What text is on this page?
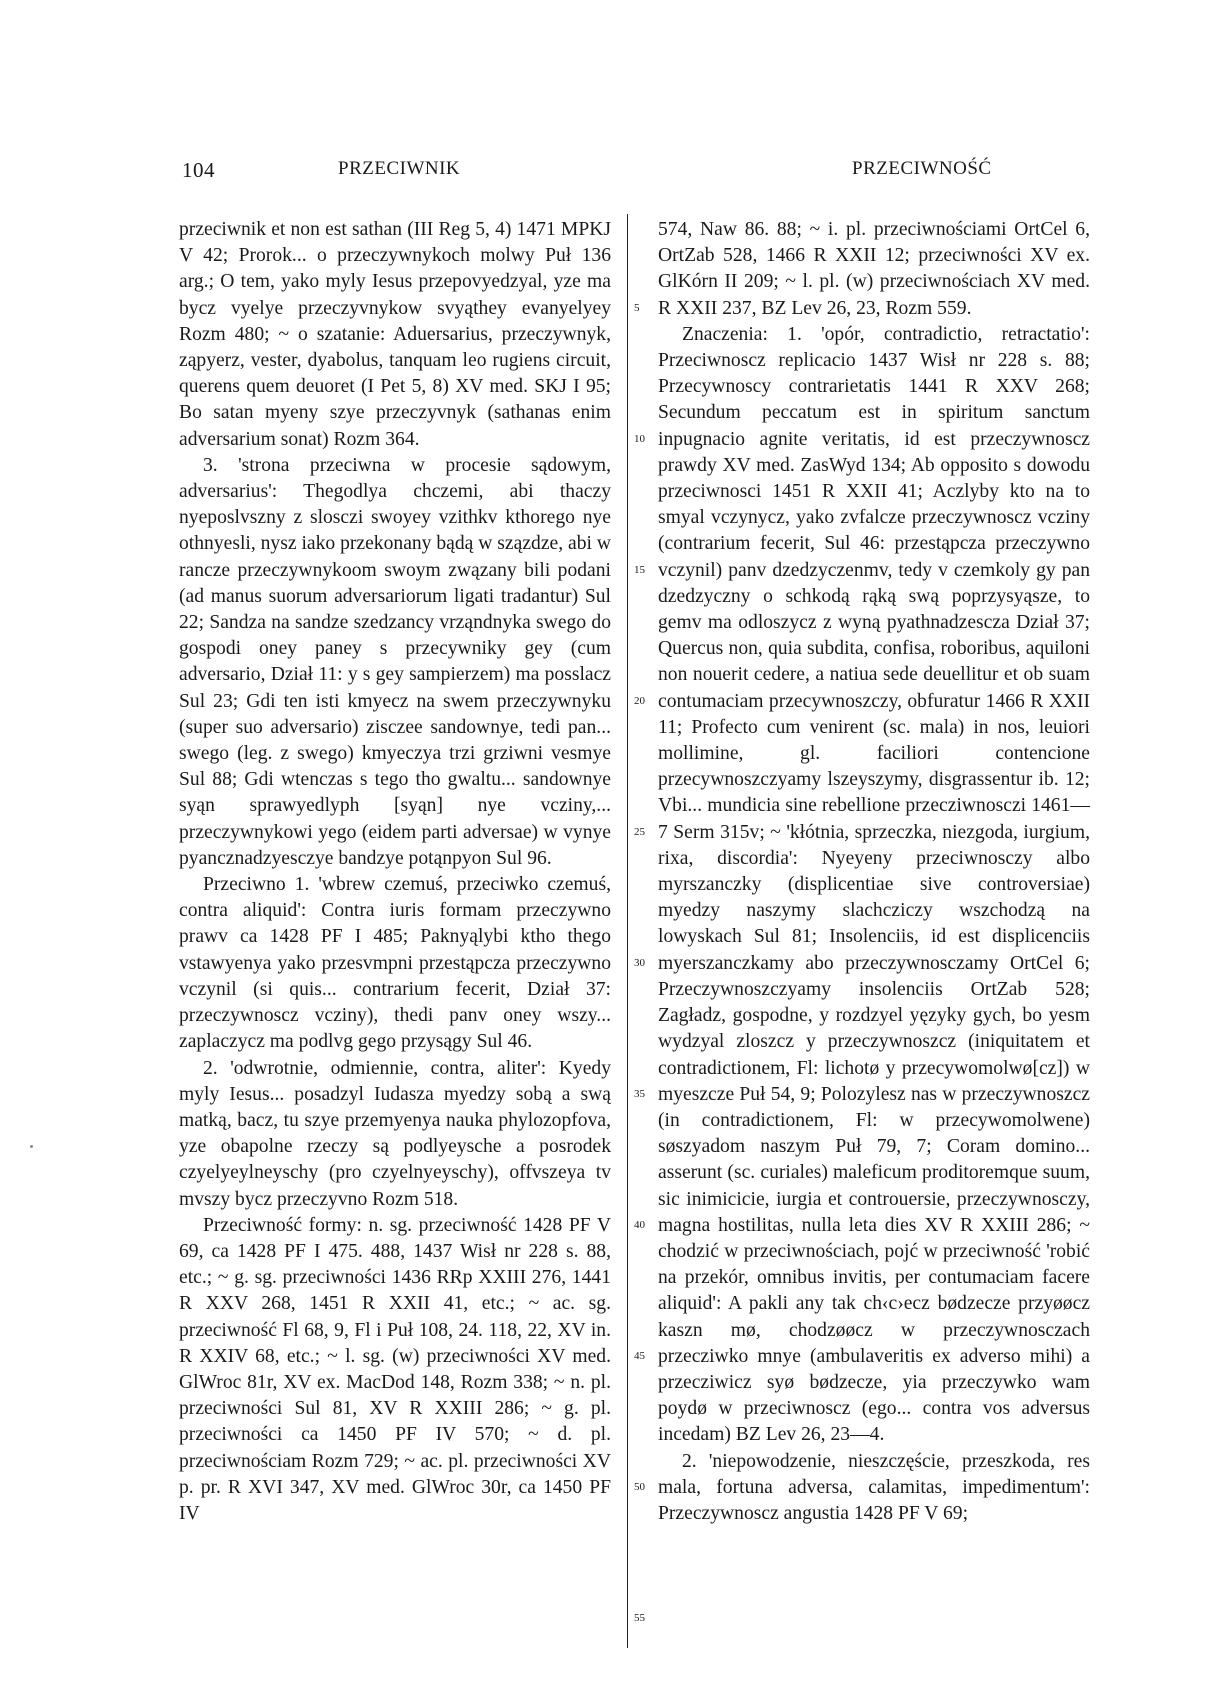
104	PRZECIWNIK	PRZECIWNOŚĆ

przeciwnik et non est sathan (III Reg 5, 4) 1471 MPKJ V 42; Prorok... o przeczywnykoch molwy Puł 136 arg.; O tem, yako myly Iesus przepovyedzyal, yze ma bycz vyelye przeczyvnykow svyąthey evanyelyey Rozm 480; ~ o szatanie: Aduersarius, przeczywnyk, ząpyerz, vester, dyabolus, tanquam leo rugiens circuit, querens quem deuoret (I Pet 5, 8) XV med. SKJ I 95; Bo satan myeny szye przeczyvnyk (sathanas enim adversarium sonat) Rozm 364.

3. 'strona przeciwna w procesie sądowym, adversarius': Thegodlya chczemi, abi thaczy nyeposlvszny z slosczi swoyey vzithkv kthorego nye othnyesli, nysz iako przekonany bądą w szązdze, abi w rancze przeczywnykoom swoym zwązany bili podani (ad manus suorum adversariorum ligati tradantur) Sul 22; Sandza na sandze szedzancy vrząndnyka swego do gospodi oney paney s przecywniky gey (cum adversario, Dział 11: y s gey sampierzem) ma posslacz Sul 23; Gdi ten isti kmyecz na swem przeczywnyku (super suo adversario) zisczee sandownye, tedi pan... swego (leg. z swego) kmyeczya trzi grziwni vesmye Sul 88; Gdi wtenczas s tego tho gwaltu... sandownye syąn sprawyedlyph [syąn] nye vcziny,... przeczywnykowi yego (eidem parti adversae) w vynye pyancznadzyesczye bandzye potąnpyon Sul 96.

Przeciwno 1. 'wbrew czemuś, przeciwko czemuś, contra aliquid': Contra iuris formam przeczywno prawv ca 1428 PF I 485; Paknyąlybi ktho thego vstawyenya yako przesvmpni przestąpcza przeczywno vczynil (si quis... contrarium fecerit, Dział 37: przeczywnoscz vcziny), thedi panv oney wszy... zaplaczycz ma podlvg gego przysągy Sul 46.

2. 'odwrotnie, odmiennie, contra, aliter': Kyedy myly Iesus... posadzyl Iudasza myedzy sobą a swą matką, bacz, tu szye przemyenya nauka phylozopfova, yze obapolne rzeczy są podlyeysche a posrodek czyelyeylneyschy (pro czyelnyeyschy), offvszeya tv mvszy bycz przeczyvno Rozm 518.

Przeciwność formy: n. sg. przeciwność 1428 PF V 69, ca 1428 PF I 475. 488, 1437 Wisł nr 228 s. 88, etc.; ~ g. sg. przeciwności 1436 RRp XXIII 276, 1441 R XXV 268, 1451 R XXII 41, etc.; ~ ac. sg. przeciwność Fl 68, 9, Fl i Puł 108, 24. 118, 22, XV in. R XXIV 68, etc.; ~ l. sg. (w) przeciwności XV med. GlWroc 81r, XV ex. MacDod 148, Rozm 338; ~ n. pl. przeciwności Sul 81, XV R XXIII 286; ~ g. pl. przeciwności ca 1450 PF IV 570; ~ d. pl. przeciwnościam Rozm 729; ~ ac. pl. przeciwności XV p. pr. R XVI 347, XV med. GlWroc 30r, ca 1450 PF IV

5
10
15
20
25
30
35
40
45
50
55

574, Naw 86. 88; ~ i. pl. przeciwnościami OrtCel 6, OrtZab 528, 1466 R XXII 12; przeciwności XV ex. GlKórn II 209; ~ l. pl. (w) przeciwnościach XV med. R XXII 237, BZ Lev 26, 23, Rozm 559.

Znaczenia: 1. 'opór, contradictio, retractatio': Przeciwnoscz replicacio 1437 Wisł nr 228 s. 88; Przecywnoscy contrarietatis 1441 R XXV 268; Secundum peccatum est in spiritum sanctum inpugnacio agnite veritatis, id est przeczywnoscz prawdy XV med. ZasWyd 134; Ab opposito s dowodu przeciwnosci 1451 R XXII 41; Aczlyby kto na to smyal vczynycz, yako zvfalcze przeczywnoscz vcziny (contrarium fecerit, Sul 46: przestąpcza przeczywno vczynil) panv dzedzyczenmv, tedy v czemkoly gy pan dzedzyczny o schkodą rąką swą poprzysyąsze, to gemv ma odloszycz z wyną pyathnadzescza Dział 37; Quercus non, quia subdita, confisa, roboribus, aquiloni non nouerit cedere, a natiua sede deuellitur et ob suam contumaciam przecywnoszczy, obfuratur 1466 R XXII 11; Profecto cum venirent (sc. mala) in nos, leuiori mollimine, gl. faciliori contencione przecywnoszczyamy lszeyszymy, disgrassentur ib. 12; Vbi... mundicia sine rebellione przecziwnosczi 1461—7 Serm 315v; ~ 'kłótnia, sprzeczka, niezgoda, iurgium, rixa, discordia': Nyeyeny przeciwnosczy albo myrszanczky (displicentiae sive controversiae) myedzy naszymy slachcziczy wszchodzą na lowyskach Sul 81; Insolenciis, id est displicenciis myerszanczkamy abo przeczywnosczamy OrtCel 6; Przeczywnoszczyamy insolenciis OrtZab 528; Zagładz, gospodne, y rozdzyel yęzyky gych, bo yesm wydzyal zloszcz y przeczywnoszcz (iniquitatem et contradictionem, Fl: lichotø y przecywomolwø[cz]) w myeszcze Puł 54, 9; Polozylesz nas w przeczywnoszcz (in contradictionem, Fl: w przecywomolwene) søszyadom naszym Puł 79, 7; Coram domino... asserunt (sc. curiales) maleficum proditoremque suum, sic inimicicie, iurgia et controuersie, przeczywnosczy, magna hostilitas, nulla leta dies XV R XXIII 286; ~ chodzić w przeciwnościach, pojć w przeciwność 'robić na przekór, omnibus invitis, per contumaciam facere aliquid': A pakli any tak ch‹c›ecz bødzecze przyøøcz kaszn mø, chodzøøcz w przeczywnosczach przecziwko mnye (ambulaveritis ex adverso mihi) a przecziwicz syø bødzecze, yia przeczywko wam poydø w przeciwnoscz (ego... contra vos adversus incedam) BZ Lev 26, 23—4.

2. 'niepowodzenie, nieszczęście, przeszkoda, res mala, fortuna adversa, calamitas, impedimentum': Przeczywnoscz angustia 1428 PF V 69;
